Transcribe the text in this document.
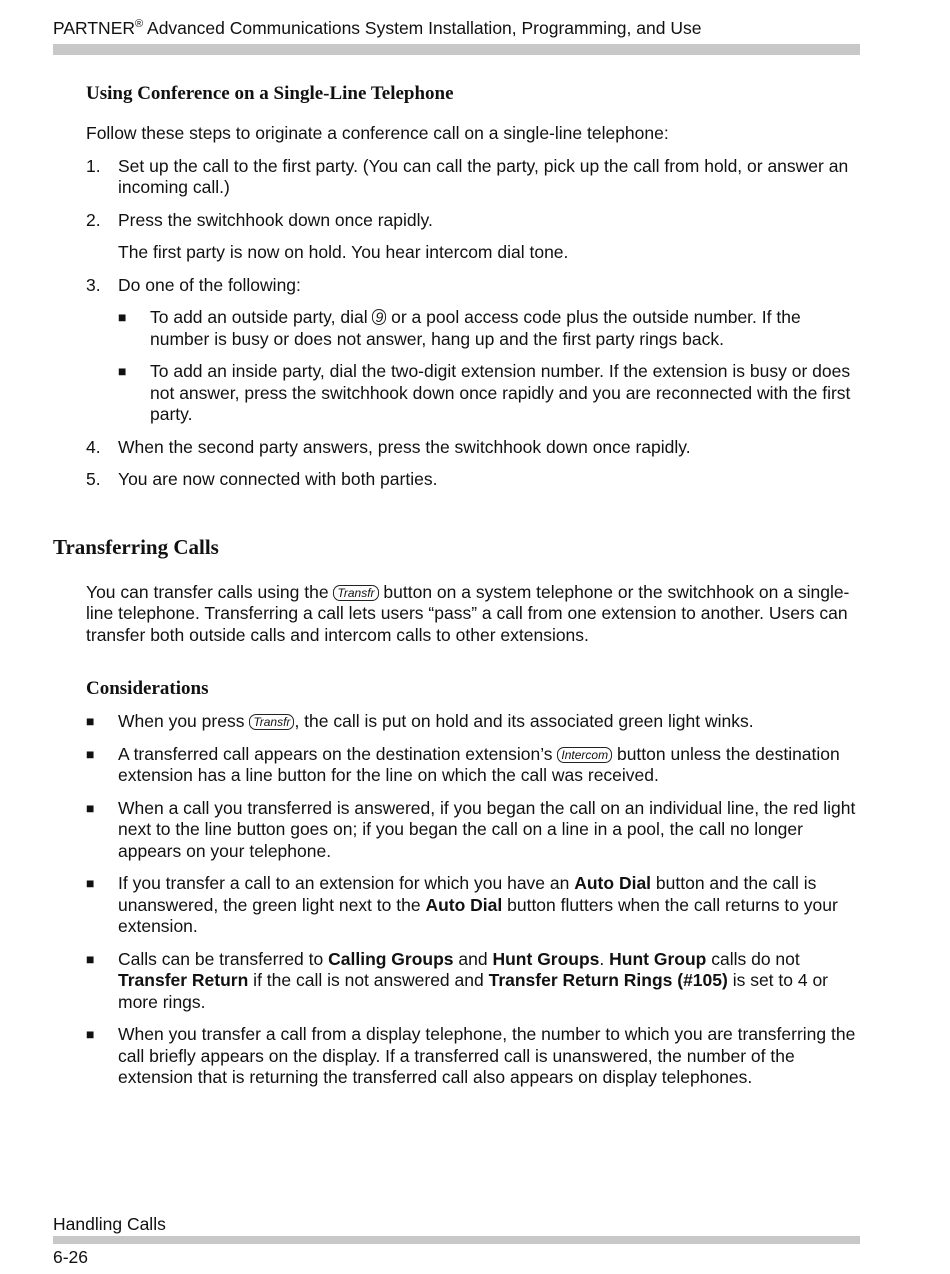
PARTNER® Advanced Communications System Installation, Programming, and Use
Using Conference on a Single-Line Telephone

Follow these steps to originate a conference call on a single-line telephone:

1. Set up the call to the first party. (You can call the party, pick up the call from hold, or answer an incoming call.)
2. Press the switchhook down once rapidly.

The first party is now on hold. You hear intercom dial tone.

3. Do one of the following:
■ To add an outside party, dial 9 or a pool access code plus the outside number. If the number is busy or does not answer, hang up and the first party rings back.
■ To add an inside party, dial the two-digit extension number. If the extension is busy or does not answer, press the switchhook down once rapidly and you are reconnected with the first party.
4. When the second party answers, press the switchhook down once rapidly.
5. You are now connected with both parties.
Transferring Calls

You can transfer calls using the Transfr button on a system telephone or the switchhook on a single-line telephone. Transferring a call lets users “pass” a call from one extension to another. Users can transfer both outside calls and intercom calls to other extensions.

Considerations
■ When you press Transfr , the call is put on hold and its associated green light winks.
■ A transferred call appears on the destination extension’s Intercom button unless the destination extension has a line button for the line on which the call was received.
■ When a call you transferred is answered, if you began the call on an individual line, the red light next to the line button goes on; if you began the call on a line in a pool, the call no longer appears on your telephone.
■ If you transfer a call to an extension for which you have an Auto Dial button and the call is unanswered, the green light next to the Auto Dial button flutters when the call returns to your extension.
■ Calls can be transferred to Calling Groups and Hunt Groups. Hunt Group calls do not Transfer Return if the call is not answered and Transfer Return Rings (#105) is set to 4 or more rings.
■ When you transfer a call from a display telephone, the number to which you are transferring the call briefly appears on the display. If a transferred call is unanswered, the number of the extension that is returning the transferred call also appears on display telephones.
Handling Calls
6-26
